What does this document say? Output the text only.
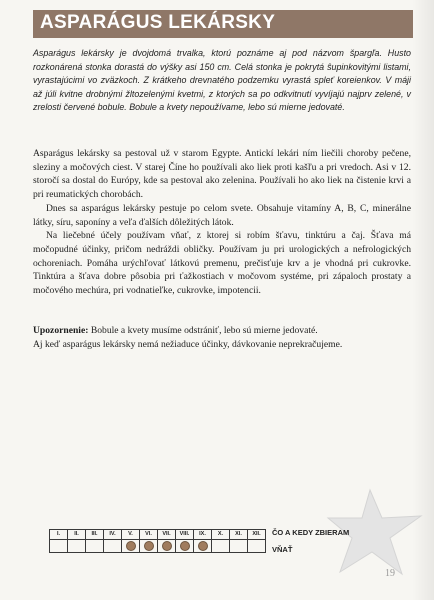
ASPARÁGUS LEKÁRSKY
Asparágus lekársky je dvojdomá trvalka, ktorú poznáme aj pod názvom špargľa. Husto rozkonárená stonka dorastá do výšky asi 150 cm. Celá stonka je pokrytá ŝupinkovitými listami, vyrastajúcimi vo zväzkoch. Z krátkeho drevnatého podzemku vyrastá spleť koreienkov. V máji až júli kvitne drobnými žltozelenými kvetmi, z ktorých sa po odkvitnutí vyvíjajú najprv zelené, v zrelosti červené bobule. Bobule a kvety nepoužívame, lebo sú mierne jedovaté.

Asparágus lekársky sa pestoval už v starom Egypte. Antickí lekári ním liečili choroby pečene, sleziny a močových ciest. V starej Číne ho používali ako liek proti kašľu a pri vredoch. Asi v 12. storočí sa dostal do Európy, kde sa pestoval ako zelenina. Používali ho ako liek na čistenie krvi a pri reumatických chorobách.

Dnes sa asparágus lekársky pestuje po celom svete. Obsahuje vitamíny A, B, C, minerálne látky, síru, saponíny a veľa ďalších dôležitých látok.

Na liečebné účely používam vňať, z ktorej si robím šťavu, tinktúru a čaj. Šťava má močopudné účinky, pričom nedráždi obličky. Používam ju pri urologických a nefrologických ochoreniach. Pomáha urýchľovať látkovú premenu, prečisťuje krv a je vhodná pri cukrovke. Tinktúra a šťava dobre pôsobia pri ťažkostiach v močovom systéme, pri zápaloch prostaty a močového mechúra, pri vodnatieľke, cukrovke, impotencii.

Upozornenie: Bobule a kvety musíme odstrániť, lebo sú mierne jedovaté.

Aj keď asparágus lekársky nemá nežiaduce účinky, dávkovanie neprekračujeme.

I.	II.	III.	IV.	V.	VI.	VII.	VIII.	IX.	X.	XI.	XII.
											ČO A KEDY ZBIERAM
VŇAŤ
19
